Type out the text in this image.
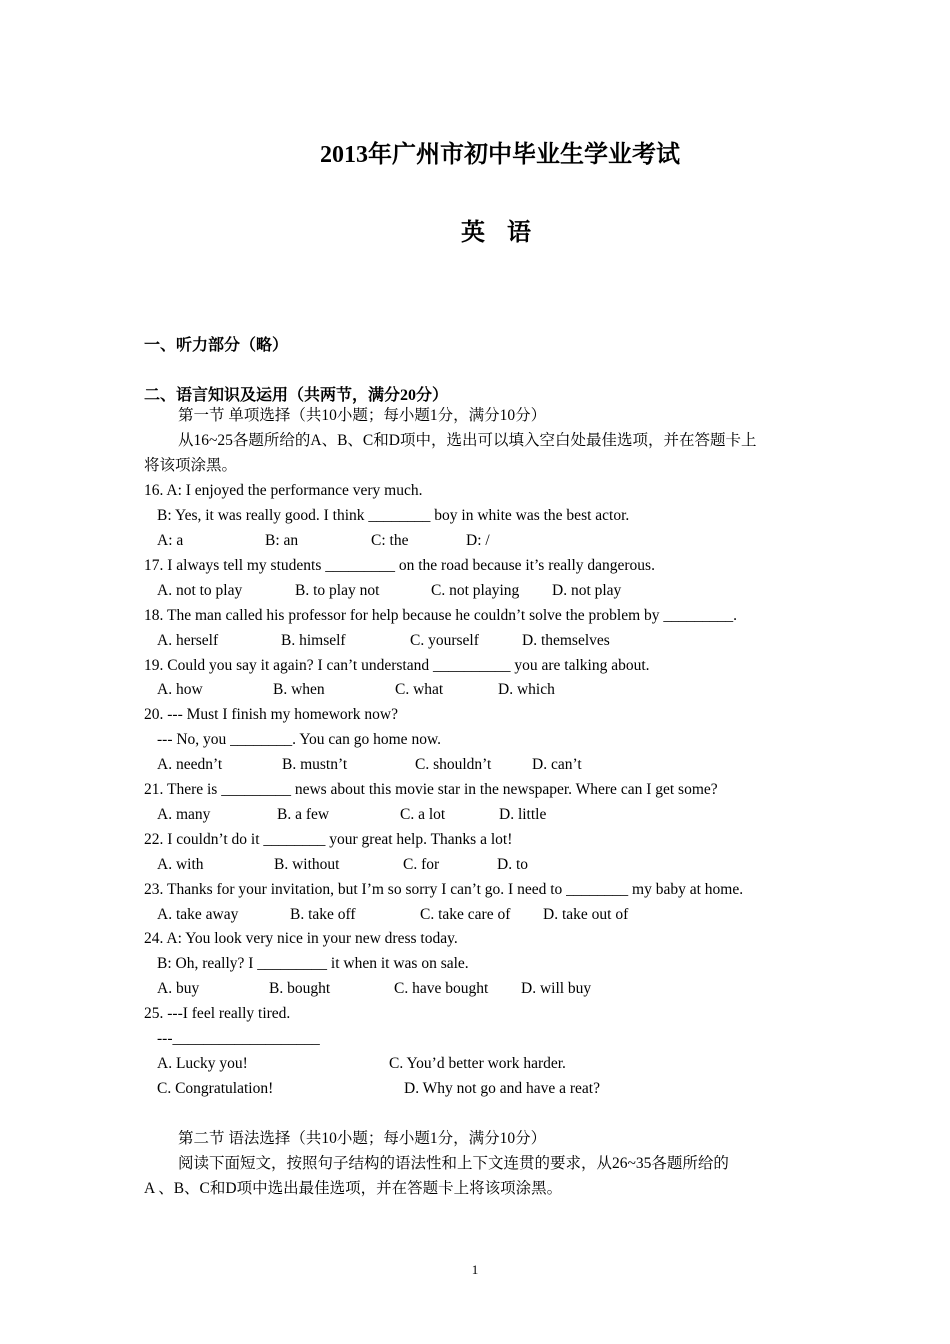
2013年广州市初中毕业生学业考试
英 语
一、听力部分（略）
二、语言知识及运用（共两节，满分20分）
第一节 单项选择（共10小题；每小题1分，满分10分）
从16~25各题所给的A、B、C和D项中，选出可以填入空白处最佳选项，并在答题卡上
将该项涂黑。
16. A: I enjoyed the performance very much.
B: Yes, it was really good. I think ________ boy in white was the best actor.
A: a	B: an	C: the	D: /
17. I always tell my students _________ on the road because it’s really dangerous.
A. not to play	B. to play not	C. not playing D. not play
18. The man called his professor for help because he couldn’t solve the problem by _________.
A. herself	B. himself	C. yourself	D. themselves
19. Could you say it again? I can’t understand __________ you are talking about.
A. how	B. when	C. what	D. which
20. --- Must I finish my homework now?
--- No, you ________. You can go home now.
A. needn’t	B. mustn’t	C. shouldn’t	D. can’t
21. There is _________ news about this movie star in the newspaper. Where can I get some?
A. many	B. a few	C. a lot	D. little
22. I couldn’t do it ________ your great help. Thanks a lot!
A. with	B. without	C. for	D. to
23. Thanks for your invitation, but I’m so sorry I can’t go. I need to ________ my baby at home.
A. take away	B. take off	C. take care of D. take out of
24. A: You look very nice in your new dress today.
B: Oh, really? I _________ it when it was on sale.
A. buy	B. bought	C. have bought D. will buy
25. ---I feel really tired.
---___________________
A. Lucky you!	C. You’d better work harder.
C. Congratulation!	D. Why not go and have a reat?
第二节 语法选择（共10小题；每小题1分，满分10分）
阅读下面短文，按照句子结构的语法性和上下文连贯的要求，从26~35各题所给的
A 、B、C和D项中选出最佳选项，并在答题卡上将该项涂黑。
1
